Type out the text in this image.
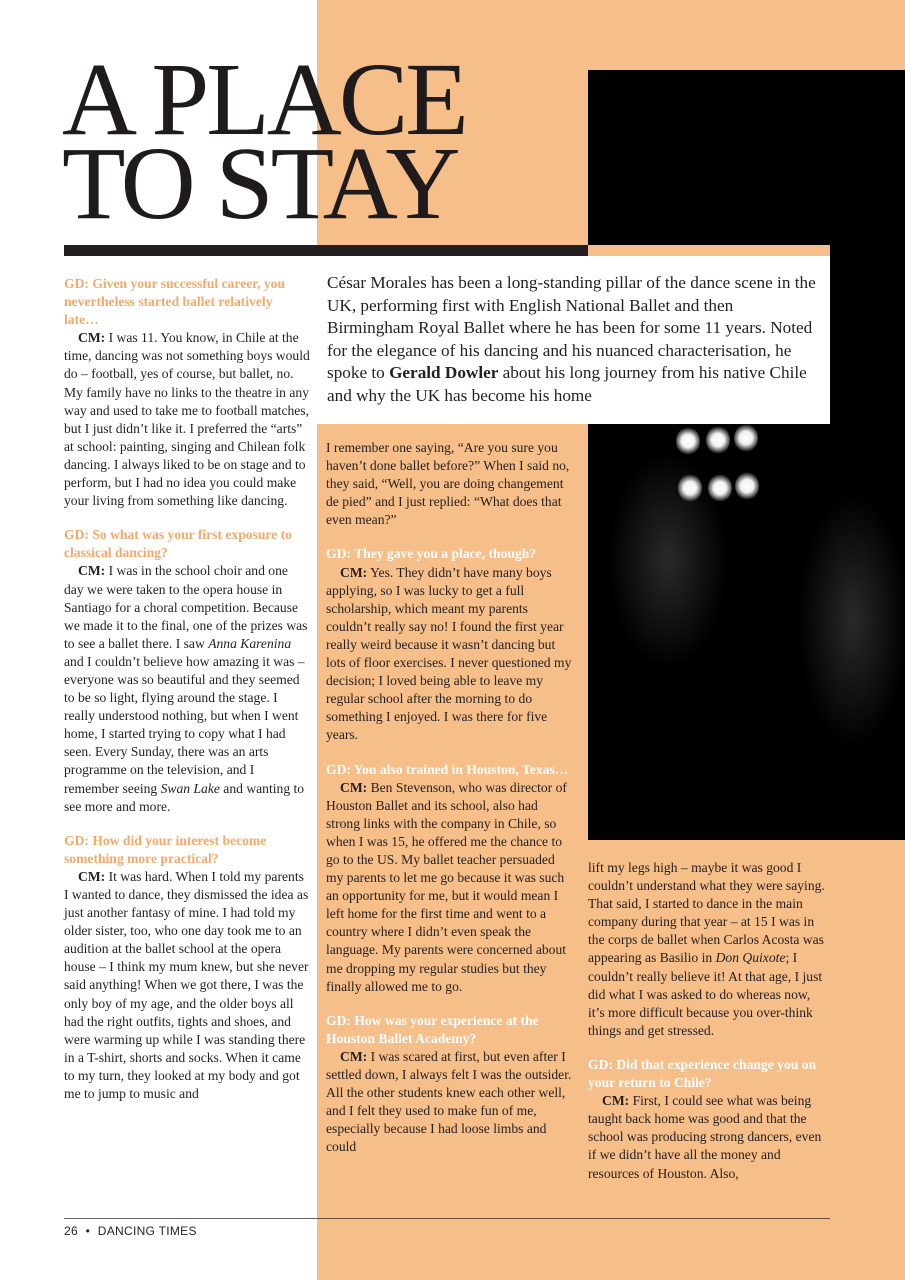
A PLACE
TO STAY
César Morales has been a long-standing pillar of the dance scene in the UK, performing first with English National Ballet and then Birmingham Royal Ballet where he has been for some 11 years. Noted for the elegance of his dancing and his nuanced characterisation, he spoke to Gerald Dowler about his long journey from his native Chile and why the UK has become his home

GD: Given your successful career, you nevertheless started ballet relatively late…

CM: I was 11. You know, in Chile at the time, dancing was not something boys would do – football, yes of course, but ballet, no. My family have no links to the theatre in any way and used to take me to football matches, but I just didn’t like it. I preferred the “arts” at school: painting, singing and Chilean folk dancing. I always liked to be on stage and to perform, but I had no idea you could make your living from something like dancing.

GD: So what was your first exposure to classical dancing?

CM: I was in the school choir and one day we were taken to the opera house in Santiago for a choral competition. Because we made it to the final, one of the prizes was to see a ballet there. I saw Anna Karenina and I couldn’t believe how amazing it was – everyone was so beautiful and they seemed to be so light, flying around the stage. I really understood nothing, but when I went home, I started trying to copy what I had seen. Every Sunday, there was an arts programme on the television, and I remember seeing Swan Lake and wanting to see more and more.

GD: How did your interest become something more practical?

CM: It was hard. When I told my parents I wanted to dance, they dismissed the idea as just another fantasy of mine. I had told my older sister, too, who one day took me to an audition at the ballet school at the opera house – I think my mum knew, but she never said anything! When we got there, I was the only boy of my age, and the older boys all had the right outfits, tights and shoes, and were warming up while I was standing there in a T-shirt, shorts and socks. When it came to my turn, they looked at my body and got me to jump to music and

I remember one saying, “Are you sure you haven’t done ballet before?” When I said no, they said, “Well, you are doing changement de pied” and I just replied: “What does that even mean?”

GD: They gave you a place, though?

CM: Yes. They didn’t have many boys applying, so I was lucky to get a full scholarship, which meant my parents couldn’t really say no! I found the first year really weird because it wasn’t dancing but lots of floor exercises. I never questioned my decision; I loved being able to leave my regular school after the morning to do something I enjoyed. I was there for five years.

GD: You also trained in Houston, Texas…

CM: Ben Stevenson, who was director of Houston Ballet and its school, also had strong links with the company in Chile, so when I was 15, he offered me the chance to go to the US. My ballet teacher persuaded my parents to let me go because it was such an opportunity for me, but it would mean I left home for the first time and went to a country where I didn’t even speak the language. My parents were concerned about me dropping my regular studies but they finally allowed me to go.

GD: How was your experience at the Houston Ballet Academy?

CM: I was scared at first, but even after I settled down, I always felt I was the outsider. All the other students knew each other well, and I felt they used to make fun of me, especially because I had loose limbs and could

lift my legs high – maybe it was good I couldn’t understand what they were saying. That said, I started to dance in the main company during that year – at 15 I was in the corps de ballet when Carlos Acosta was appearing as Basilio in Don Quixote; I couldn’t really believe it! At that age, I just did what I was asked to do whereas now, it’s more difficult because you over-think things and get stressed.

GD: Did that experience change you on your return to Chile?

CM: First, I could see what was being taught back home was good and that the school was producing strong dancers, even if we didn’t have all the money and resources of Houston. Also,

26 • DANCING TIMES
